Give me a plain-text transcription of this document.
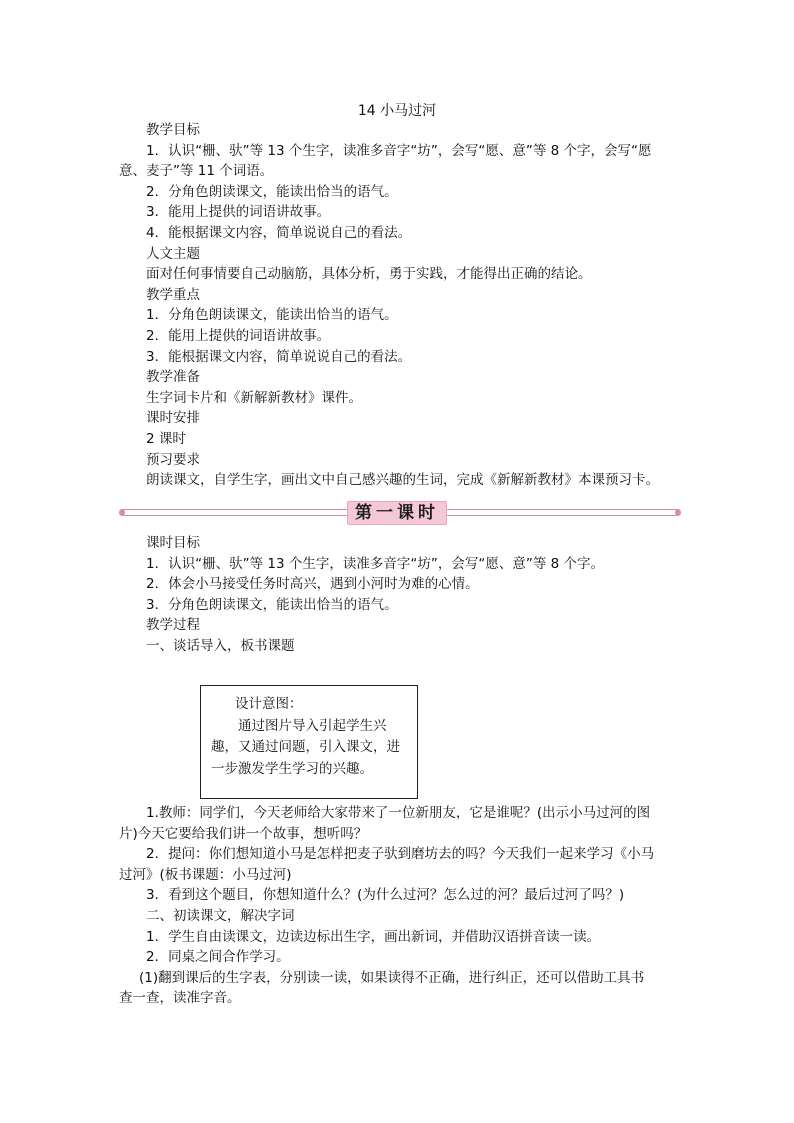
14 小马过河
教学目标
1．认识“栅、驮”等 13 个生字，读准多音字“坊”，会写“愿、意”等 8 个字，会写“愿
意、麦子”等 11 个词语。
2．分角色朗读课文，能读出恰当的语气。
3．能用上提供的词语讲故事。
4．能根据课文内容，简单说说自己的看法。
人文主题
面对任何事情要自己动脑筋，具体分析，勇于实践，才能得出正确的结论。
教学重点
1．分角色朗读课文，能读出恰当的语气。
2．能用上提供的词语讲故事。
3．能根据课文内容，简单说说自己的看法。
教学准备
生字词卡片和《新解新教材》课件。
课时安排
2 课时
预习要求
朗读课文，自学生字，画出文中自己感兴趣的生词，完成《新解新教材》本课预习卡。
第一课时
课时目标
1．认识“栅、驮”等 13 个生字，读准多音字“坊”，会写“愿、意”等 8 个字。
2．体会小马接受任务时高兴，遇到小河时为难的心情。
3．分角色朗读课文，能读出恰当的语气。
教学过程
一、谈话导入，板书课题
设计意图：
通过图片导入引起学生兴趣，又通过问题，引入课文，进一步激发学生学习的兴趣。
1.教师：同学们，今天老师给大家带来了一位新朋友，它是谁呢？(出示小马过河的图
片)今天它要给我们讲一个故事，想听吗？
2．提问：你们想知道小马是怎样把麦子驮到磨坊去的吗？今天我们一起来学习《小马
过河》(板书课题：小马过河)
3．看到这个题目，你想知道什么？(为什么过河？怎么过的河？最后过河了吗？)
二、初读课文，解决字词
1．学生自由读课文，边读边标出生字，画出新词，并借助汉语拼音读一读。
2．同桌之间合作学习。
(1)翻到课后的生字表，分别读一读，如果读得不正确，进行纠正，还可以借助工具书
查一查，读准字音。
